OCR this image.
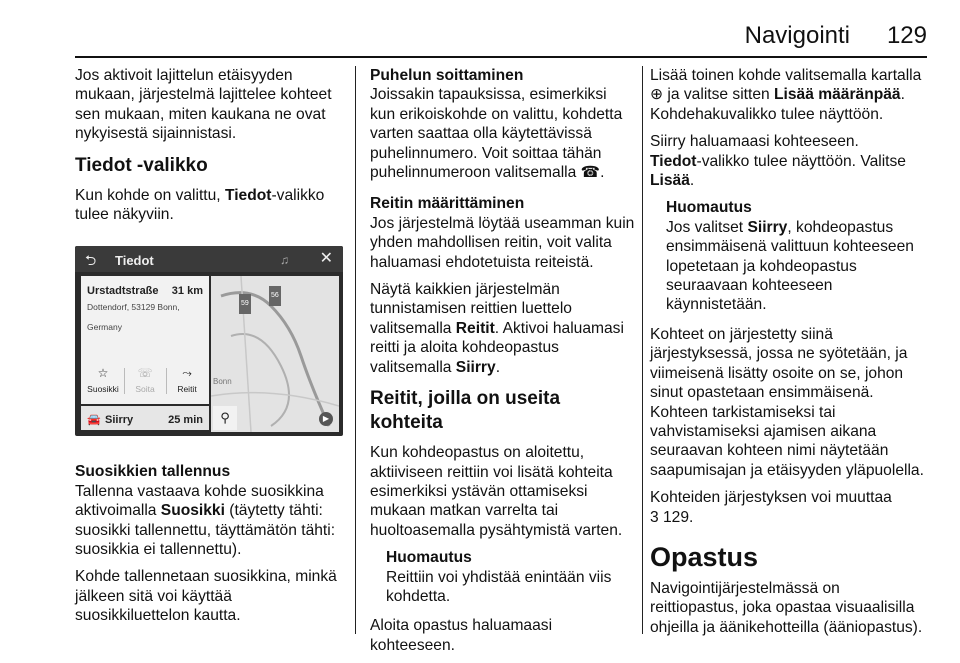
Navigointi 129

Jos aktivoit lajittelun etäisyyden mukaan, järjestelmä lajittelee kohteet sen mukaan, miten kaukana ne ovat nykyisestä sijainnistasi.

Tiedot -valikko

Kun kohde on valittu, Tiedot-valikko tulee näkyviin.

⮌ Tiedot	♫ ✕
Urstadtstraße 31 km
Dottendorf, 53129 Bonn, Germany
☆
Suosikki
☏
Soita
⤳
Reitit
🚘 Siirry	25 min
59
56
Bonn
▶
⚲
Suosikkien tallennus

Tallenna vastaava kohde suosikkina aktivoimalla Suosikki (täytetty tähti: suosikki tallennettu, täyttämätön tähti: suosikkia ei tallennettu).

Kohde tallennetaan suosikkina, minkä jälkeen sitä voi käyttää suosikkiluettelon kautta.

Puhelun soittaminen

Joissakin tapauksissa, esimerkiksi kun erikoiskohde on valittu, kohdetta varten saattaa olla käytettävissä puhelinnumero. Voit soittaa tähän puhelinnumeroon valitsemalla ☎.

Reitin määrittäminen

Jos järjestelmä löytää useamman kuin yhden mahdollisen reitin, voit valita haluamasi ehdotetuista reiteistä.

Näytä kaikkien järjestelmän tunnistamisen reittien luettelo valitsemalla Reitit. Aktivoi haluamasi reitti ja aloita kohdeopastus valitsemalla Siirry.

Reitit, joilla on useita kohteita

Kun kohdeopastus on aloitettu, aktiiviseen reittiin voi lisätä kohteita esimerkiksi ystävän ottamiseksi mukaan matkan varrelta tai huoltoasemalla pysähtymistä varten.

Huomautus
Reittiin voi yhdistää enintään viis kohdetta.

Aloita opastus haluamaasi kohteeseen.

Lisää toinen kohde valitsemalla kartalla ⊕ ja valitse sitten Lisää määränpää. Kohdehakuvalikko tulee näyttöön.

Siirry haluamaasi kohteeseen.

Tiedot-valikko tulee näyttöön. Valitse Lisää.

Huomautus
Jos valitset Siirry, kohdeopastus ensimmäisenä valittuun kohteeseen lopetetaan ja kohdeopastus seuraavaan kohteeseen käynnistetään.

Kohteet on järjestetty siinä järjestyksessä, jossa ne syötetään, ja viimeisenä lisätty osoite on se, johon sinut opastetaan ensimmäisenä. Kohteen tarkistamiseksi tai vahvistamiseksi ajamisen aikana seuraavan kohteen nimi näytetään saapumisajan ja etäisyyden yläpuolella.

Kohteiden järjestyksen voi muuttaa
3 129.

Opastus

Navigointijärjestelmässä on reittiopastus, joka opastaa visuaalisilla ohjeilla ja äänikehotteilla (ääniopastus).
